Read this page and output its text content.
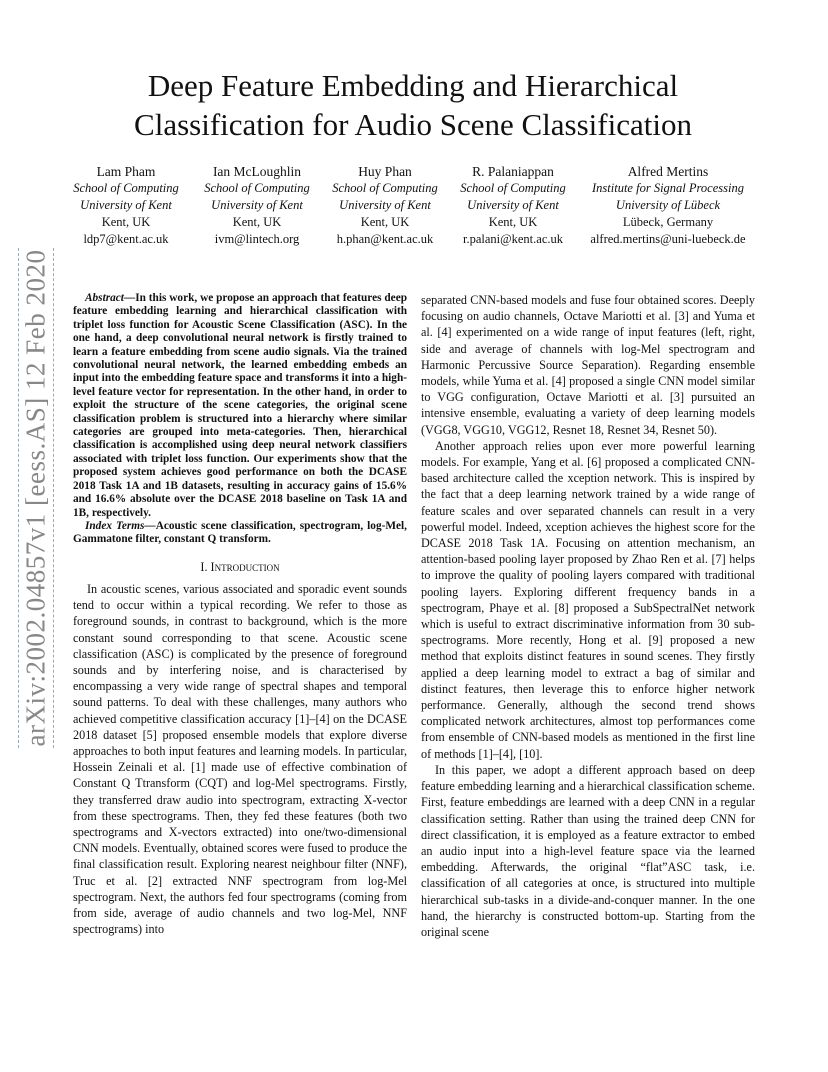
arXiv:2002.04857v1 [eess.AS] 12 Feb 2020
Deep Feature Embedding and Hierarchical
Classification for Audio Scene Classification
Lam Pham
School of Computing
University of Kent
Kent, UK
ldp7@kent.ac.uk
Ian McLoughlin
School of Computing
University of Kent
Kent, UK
ivm@lintech.org
Huy Phan
School of Computing
University of Kent
Kent, UK
h.phan@kent.ac.uk
R. Palaniappan
School of Computing
University of Kent
Kent, UK
r.palani@kent.ac.uk
Alfred Mertins
Institute for Signal Processing
University of Lübeck
Lübeck, Germany
alfred.mertins@uni-luebeck.de

Abstract—In this work, we propose an approach that features deep feature embedding learning and hierarchical classification with triplet loss function for Acoustic Scene Classification (ASC). In the one hand, a deep convolutional neural network is firstly trained to learn a feature embedding from scene audio signals. Via the trained convolutional neural network, the learned embedding embeds an input into the embedding feature space and transforms it into a high-level feature vector for representation. In the other hand, in order to exploit the structure of the scene categories, the original scene classification problem is structured into a hierarchy where similar categories are grouped into meta-categories. Then, hierarchical classification is accomplished using deep neural network classifiers associated with triplet loss function. Our experiments show that the proposed system achieves good performance on both the DCASE 2018 Task 1A and 1B datasets, resulting in accuracy gains of 15.6% and 16.6% absolute over the DCASE 2018 baseline on Task 1A and 1B, respectively.

Index Terms—Acoustic scene classification, spectrogram, log-Mel, Gammatone filter, constant Q transform.

I. Introduction

In acoustic scenes, various associated and sporadic event sounds tend to occur within a typical recording. We refer to those as foreground sounds, in contrast to background, which is the more constant sound corresponding to that scene. Acoustic scene classification (ASC) is complicated by the presence of foreground sounds and by interfering noise, and is characterised by encompassing a very wide range of spectral shapes and temporal sound patterns. To deal with these challenges, many authors who achieved competitive classification accuracy [1]–[4] on the DCASE 2018 dataset [5] proposed ensemble models that explore diverse approaches to both input features and learning models. In particular, Hossein Zeinali et al. [1] made use of effective combination of Constant Q Ttransform (CQT) and log-Mel spectrograms. Firstly, they transferred draw audio into spectrogram, extracting X-vector from these spectrograms. Then, they fed these features (both two spectrograms and X-vectors extracted) into one/two-dimensional CNN models. Eventually, obtained scores were fused to produce the final classification result. Exploring nearest neighbour filter (NNF), Truc et al. [2] extracted NNF spectrogram from log-Mel spectrogram. Next, the authors fed four spectrograms (coming from from side, average of audio channels and two log-Mel, NNF spectrograms) into

separated CNN-based models and fuse four obtained scores. Deeply focusing on audio channels, Octave Mariotti et al. [3] and Yuma et al. [4] experimented on a wide range of input features (left, right, side and average of channels with log-Mel spectrogram and Harmonic Percussive Source Separation). Regarding ensemble models, while Yuma et al. [4] proposed a single CNN model similar to VGG configuration, Octave Mariotti et al. [3] pursuited an intensive ensemble, evaluating a variety of deep learning models (VGG8, VGG10, VGG12, Resnet 18, Resnet 34, Resnet 50).

Another approach relies upon ever more powerful learning models. For example, Yang et al. [6] proposed a complicated CNN-based architecture called the xception network. This is inspired by the fact that a deep learning network trained by a wide range of feature scales and over separated channels can result in a very powerful model. Indeed, xception achieves the highest score for the DCASE 2018 Task 1A. Focusing on attention mechanism, an attention-based pooling layer proposed by Zhao Ren et al. [7] helps to improve the quality of pooling layers compared with traditional pooling layers. Exploring different frequency bands in a spectrogram, Phaye et al. [8] proposed a SubSpectralNet network which is useful to extract discriminative information from 30 sub-spectrograms. More recently, Hong et al. [9] proposed a new method that exploits distinct features in sound scenes. They firstly applied a deep learning model to extract a bag of similar and distinct features, then leverage this to enforce higher network performance. Generally, although the second trend shows complicated network architectures, almost top performances come from ensemble of CNN-based models as mentioned in the first line of methods [1]–[4], [10].

In this paper, we adopt a different approach based on deep feature embedding learning and a hierarchical classification scheme. First, feature embeddings are learned with a deep CNN in a regular classification setting. Rather than using the trained deep CNN for direct classification, it is employed as a feature extractor to embed an audio input into a high-level feature space via the learned embedding. Afterwards, the original “flat”ASC task, i.e. classification of all categories at once, is structured into multiple hierarchical sub-tasks in a divide-and-conquer manner. In the one hand, the hierarchy is constructed bottom-up. Starting from the original scene
